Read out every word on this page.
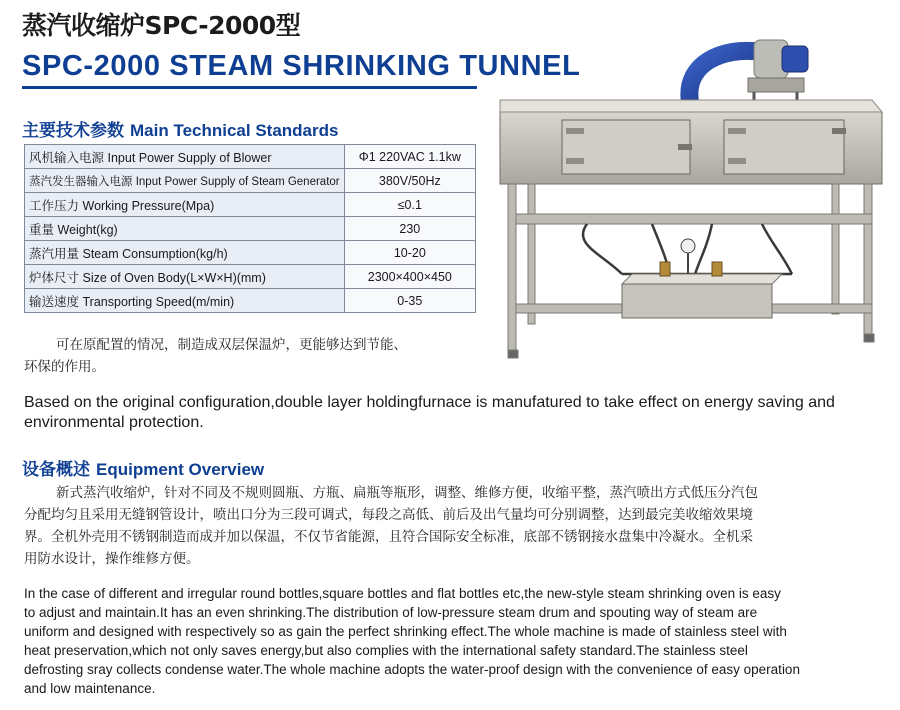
蒸汽收缩炉SPC-2000型
SPC-2000 STEAM SHRINKING TUNNEL
主要技术参数 Main Technical Standards
风机输入电源 Input Power Supply of Blower	Φ1 220VAC 1.1kw
蒸汽发生器输入电源 Input Power Supply of Steam Generator	380V/50Hz
工作压力 Working Pressure(Mpa)	≤0.1
重量 Weight(kg)	230
蒸汽用量 Steam Consumption(kg/h)	10-20
炉体尺寸 Size of Oven Body(L×W×H)(mm)	2300×400×450
输送速度 Transporting Speed(m/min)	0-35
可在原配置的情况，制造成双层保温炉，更能够达到节能、
环保的作用。
Based on the original configuration,double layer holdingfurnace is manufatured to take effect on energy saving and
environmental protection.
设备概述 Equipment Overview
新式蒸汽收缩炉，针对不同及不规则圆瓶、方瓶、扁瓶等瓶形，调整、维修方便，收缩平整，蒸汽喷出方式低压分汽包
分配均匀且采用无缝钢管设计，喷出口分为三段可调式，每段之高低、前后及出气量均可分别调整，达到最完美收缩效果境
界。全机外壳用不锈钢制造而成并加以保温，不仅节省能源，且符合国际安全标准，底部不锈钢接水盘集中冷凝水。全机采
用防水设计，操作维修方便。
In the case of different and irregular round bottles,square bottles and flat bottles etc,the new-style steam shrinking oven is easy
to adjust and maintain.It has an even shrinking.The distribution of low-pressure steam drum and spouting way of steam are
uniform and designed with respectively so as gain the perfect shrinking effect.The whole machine is made of stainless steel with
heat preservation,which not only saves energy,but also complies with the international safety standard.The stainless steel
defrosting sray collects condense water.The whole machine adopts the water-proof design with the convenience of easy operation
and low maintenance.
